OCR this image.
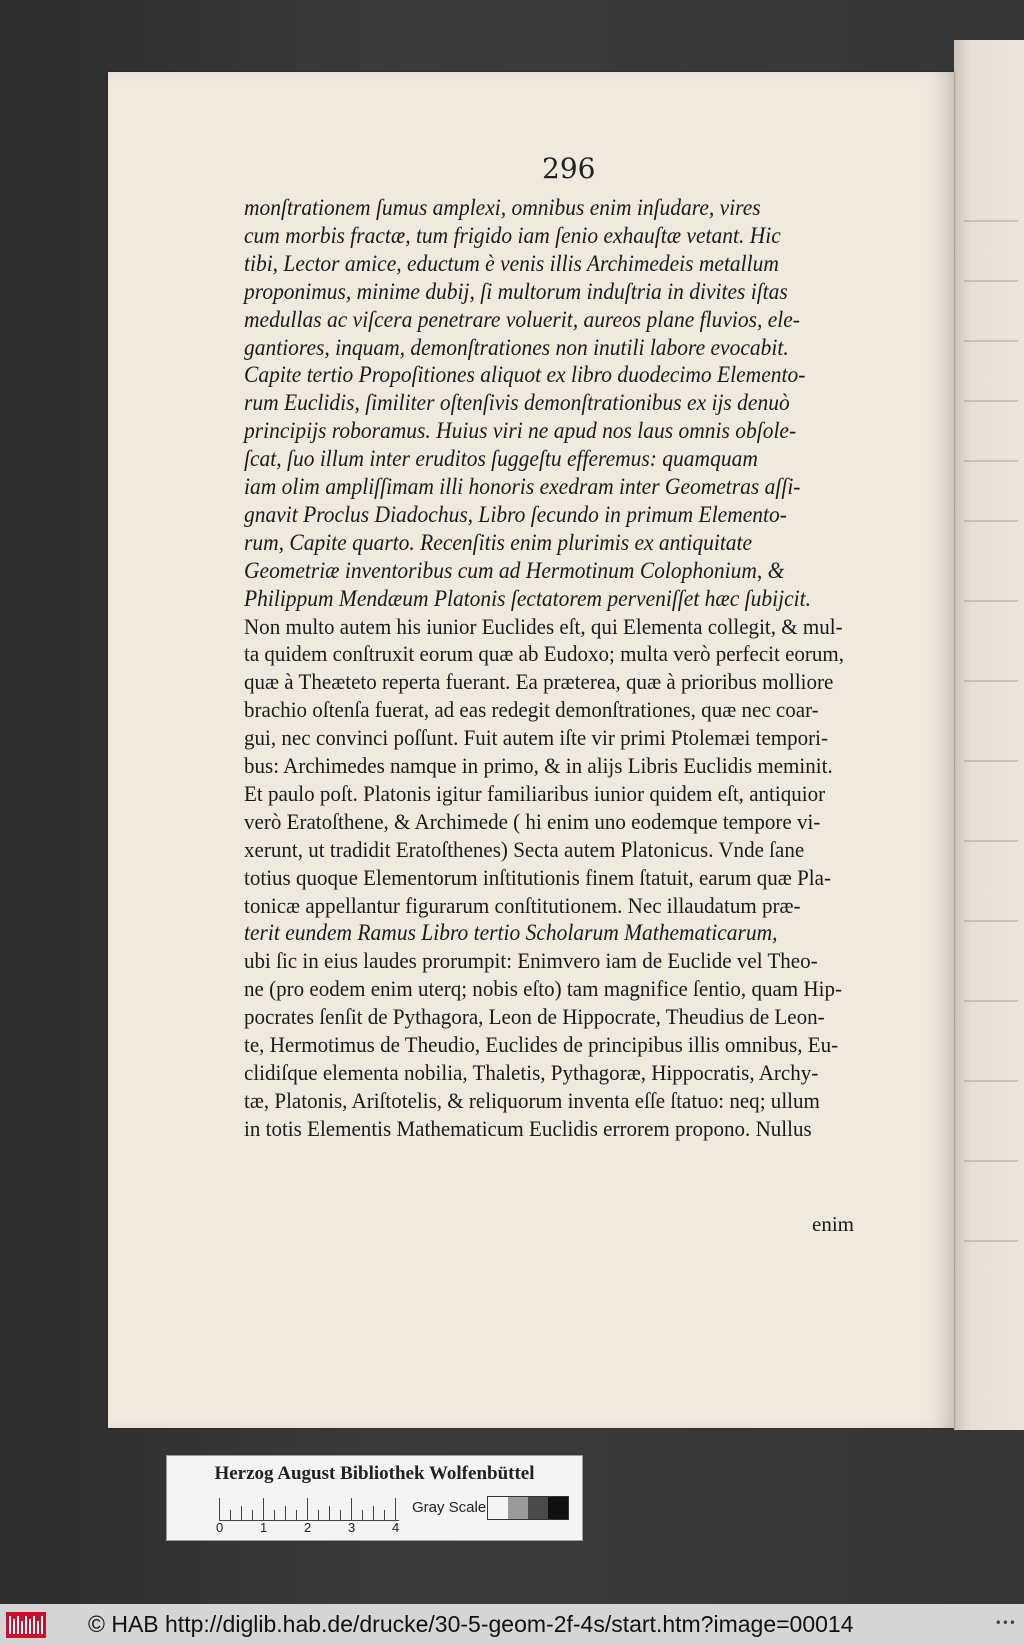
296
monſtrationem ſumus amplexi, omnibus enim inſudare, vires
cum morbis fractæ, tum frigido iam ſenio exhauſtæ vetant. Hic
tibi, Lector amice, eductum è venis illis Archimedeis metallum
proponimus, minime dubij, ſi multorum induſtria in divites iſtas
medullas ac viſcera penetrare voluerit, aureos plane fluvios, ele-
gantiores, inquam, demonſtrationes non inutili labore evocabit.
Capite tertio Propoſitiones aliquot ex libro duodecimo Elemento-
rum Euclidis, ſimiliter oſtenſivis demonſtrationibus ex ijs denuò
principijs roboramus. Huius viri ne apud nos laus omnis obſole-
ſcat, ſuo illum inter eruditos ſuggeſtu efferemus: quamquam
iam olim ampliſſimam illi honoris exedram inter Geometras aſſi-
gnavit Proclus Diadochus, Libro ſecundo in primum Elemento-
rum, Capite quarto. Recenſitis enim plurimis ex antiquitate
Geometriæ inventoribus cum ad Hermotinum Colophonium, &
Philippum Mendæum Platonis ſectatorem perveniſſet hæc ſubijcit.
Non multo autem his iunior Euclides eſt, qui Elementa collegit, & mul-
ta quidem conſtruxit eorum quæ ab Eudoxo; multa verò perfecit eorum,
quæ à Theæteto reperta fuerant. Ea præterea, quæ à prioribus molliore
brachio oſtenſa fuerat, ad eas redegit demonſtrationes, quæ nec coar-
gui, nec convinci poſſunt. Fuit autem iſte vir primi Ptolemæi tempori-
bus: Archimedes namque in primo, & in alijs Libris Euclidis meminit.
Et paulo poſt. Platonis igitur familiaribus iunior quidem eſt, antiquior
verò Eratoſthene, & Archimede ( hi enim uno eodemque tempore vi-
xerunt, ut tradidit Eratoſthenes) Secta autem Platonicus. Vnde ſane
totius quoque Elementorum inſtitutionis finem ſtatuit, earum quæ Pla-
tonicæ appellantur figurarum conſtitutionem. Nec illaudatum præ-
terit eundem Ramus Libro tertio Scholarum Mathematicarum,
ubi ſic in eius laudes prorumpit: Enimvero iam de Euclide vel Theo-
ne (pro eodem enim uterq; nobis eſto) tam magnifice ſentio, quam Hip-
pocrates ſenſit de Pythagora, Leon de Hippocrate, Theudius de Leon-
te, Hermotimus de Theudio, Euclides de principibus illis omnibus, Eu-
clidiſque elementa nobilia, Thaletis, Pythagoræ, Hippocratis, Archy-
tæ, Platonis, Ariſtotelis, & reliquorum inventa eſſe ſtatuo: neq; ullum
in totis Elementis Mathematicum Euclidis errorem propono. Nullus
enim
Herzog August Bibliothek Wolfenbüttel
0	1	2	3	4
Gray Scale
© HAB http://diglib.hab.de/drucke/30-5-geom-2f-4s/start.htm?image=00014	•••
